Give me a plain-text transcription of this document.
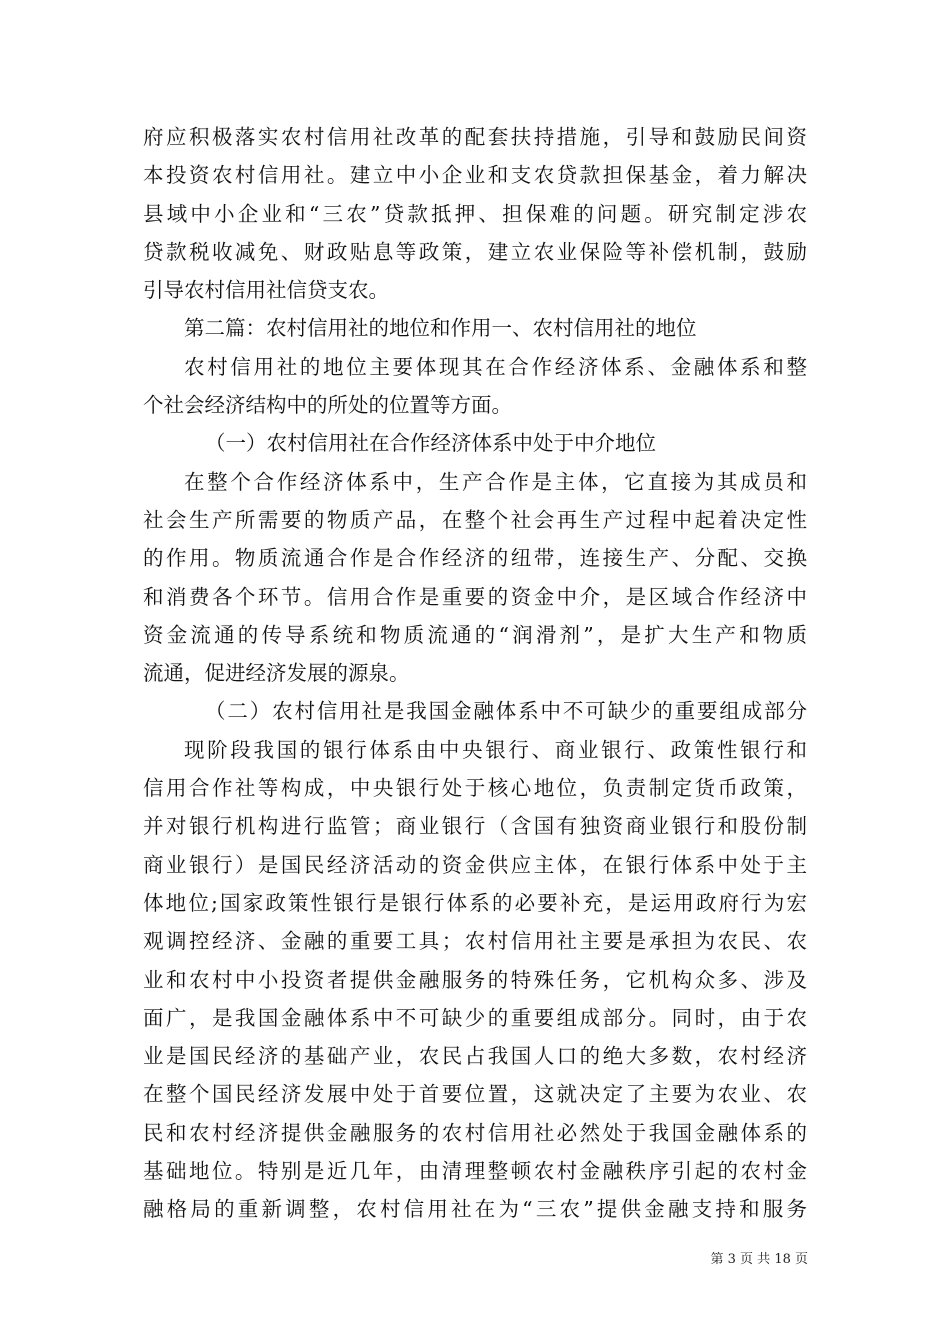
府应积极落实农村信用社改革的配套扶持措施，引导和鼓励民间资
本投资农村信用社。建立中小企业和支农贷款担保基金，着力解决
县域中小企业和“三农”贷款抵押、担保难的问题。研究制定涉农
贷款税收减免、财政贴息等政策，建立农业保险等补偿机制，鼓励
引导农村信用社信贷支农。
第二篇：农村信用社的地位和作用一、农村信用社的地位
农村信用社的地位主要体现其在合作经济体系、金融体系和整
个社会经济结构中的所处的位置等方面。
（一）农村信用社在合作经济体系中处于中介地位
在整个合作经济体系中，生产合作是主体，它直接为其成员和
社会生产所需要的物质产品，在整个社会再生产过程中起着决定性
的作用。物质流通合作是合作经济的纽带，连接生产、分配、交换
和消费各个环节。信用合作是重要的资金中介，是区域合作经济中
资金流通的传导系统和物质流通的“润滑剂”，是扩大生产和物质
流通，促进经济发展的源泉。
（二）农村信用社是我国金融体系中不可缺少的重要组成部分
现阶段我国的银行体系由中央银行、商业银行、政策性银行和
信用合作社等构成，中央银行处于核心地位，负责制定货币政策，
并对银行机构进行监管；商业银行（含国有独资商业银行和股份制
商业银行）是国民经济活动的资金供应主体，在银行体系中处于主
体地位;国家政策性银行是银行体系的必要补充，是运用政府行为宏
观调控经济、金融的重要工具；农村信用社主要是承担为农民、农
业和农村中小投资者提供金融服务的特殊任务，它机构众多、涉及
面广，是我国金融体系中不可缺少的重要组成部分。同时，由于农
业是国民经济的基础产业，农民占我国人口的绝大多数，农村经济
在整个国民经济发展中处于首要位置，这就决定了主要为农业、农
民和农村经济提供金融服务的农村信用社必然处于我国金融体系的
基础地位。特别是近几年，由清理整顿农村金融秩序引起的农村金
融格局的重新调整，农村信用社在为“三农”提供金融支持和服务
第 3 页 共 18 页
